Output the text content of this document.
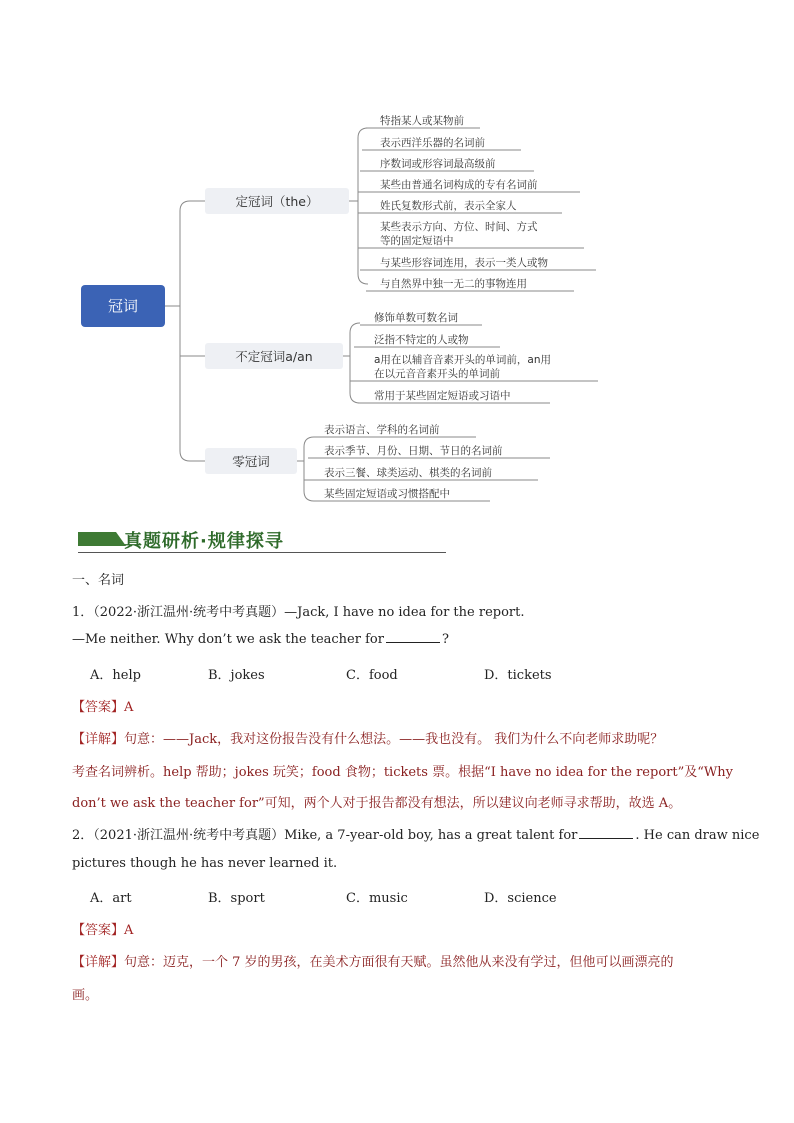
冠词
定冠词（the）
特指某人或某物前
表示西洋乐器的名词前
序数词或形容词最高级前
某些由普通名词构成的专有名词前
姓氏复数形式前，表示全家人
某些表示方向、方位、时间、方式
等的固定短语中
与某些形容词连用，表示一类人或物
与自然界中独一无二的事物连用
不定冠词a/an
修饰单数可数名词
泛指不特定的人或物
a用在以辅音音素开头的单词前，an用
在以元音音素开头的单词前
常用于某些固定短语或习语中
零冠词
表示语言、学科的名词前
表示季节、月份、日期、节日的名词前
表示三餐、球类运动、棋类的名词前
某些固定短语或习惯搭配中
真题研析·规律探寻
一、名词
1．（2022·浙江温州·统考中考真题）—Jack, I have no idea for the report.
—Me neither. Why don’t we ask the teacher for	?
A．help	B．jokes	C．food	D．tickets
【答案】A
【详解】句意：——Jack，我对这份报告没有什么想法。——我也没有。 我们为什么不向老师求助呢？
考查名词辨析。help 帮助；jokes 玩笑；food 食物；tickets 票。根据“I have no idea for the report”及“Why
don’t we ask the teacher for”可知，两个人对于报告都没有想法，所以建议向老师寻求帮助，故选 A。
2．（2021·浙江温州·统考中考真题）Mike, a 7-year-old boy, has a great talent for	. He can draw nice
pictures though he has never learned it.
A．art	B．sport	C．music	D．science
【答案】A
【详解】句意：迈克，一个 7 岁的男孩，在美术方面很有天赋。虽然他从来没有学过，但他可以画漂亮的
画。
